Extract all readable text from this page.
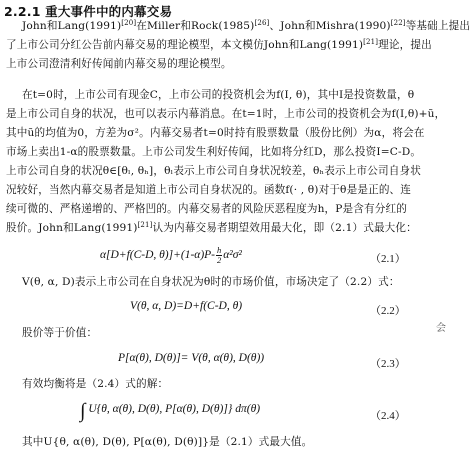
2.2.1 重大事件中的内幕交易
John和Lang(1991)[20]在Miller和Rock(1985)[26]、John和Mishra(1990)[22]等基础上提出
了上市公司分红公告前内幕交易的理论模型，本文模仿John和Lang(1991)[21]理论，提出
上市公司澄清利好传闻前内幕交易的理论模型。
在t=0时，上市公司有现金C，上市公司的投资机会为f(I, θ)，其中I是投资数量，θ
是上市公司自身的状况，也可以表示内幕消息。在t=1时，上市公司的投资机会为f(I,θ)+ũ，
其中ũ的均值为0，方差为σ²。内幕交易者t=0时持有股票数量（股份比例）为α，将会在
市场上卖出1-α的股票数量。上市公司发生利好传闻，比如将分红D，那么投资I=C-D。
上市公司自身的状况θ∈[θₗ, θₕ]，θₗ表示上市公司自身状况较差，θₕ表示上市公司自身状
况较好，当然内幕交易者是知道上市公司自身状况的。函数f(· , θ)对于θ是是正的、连
续可微的、严格递增的、严格凹的。内幕交易者的风险厌恶程度为h，P是含有分红的
股价。John和Lang(1991)[21]认为内幕交易者期望效用最大化，即（2.1）式最大化：
α[D+f(C-D, $\theta)]+(1-\alpha)P- \frac{h}{2} \alpha^2\sigma^2$	（2.1）
V(θ, α, D)表示上市公司在自身状况为θ时的市场价值，市场决定了（2.2）式：
V(θ, α, D)=D+f(C-D, θ)	（2.2）
会
股价等于价值：
P[α(θ), D(θ)]= V(θ, α(θ), D(θ))	（2.3）
有效均衡将是（2.4）式的解：
∫ U{θ, α(θ), D(θ), P[α(θ), D(θ)]} dπ(θ)
（2.4）
其中U{θ, α(θ), D(θ), P[α(θ), D(θ)]}是（2.1）式最大值。
